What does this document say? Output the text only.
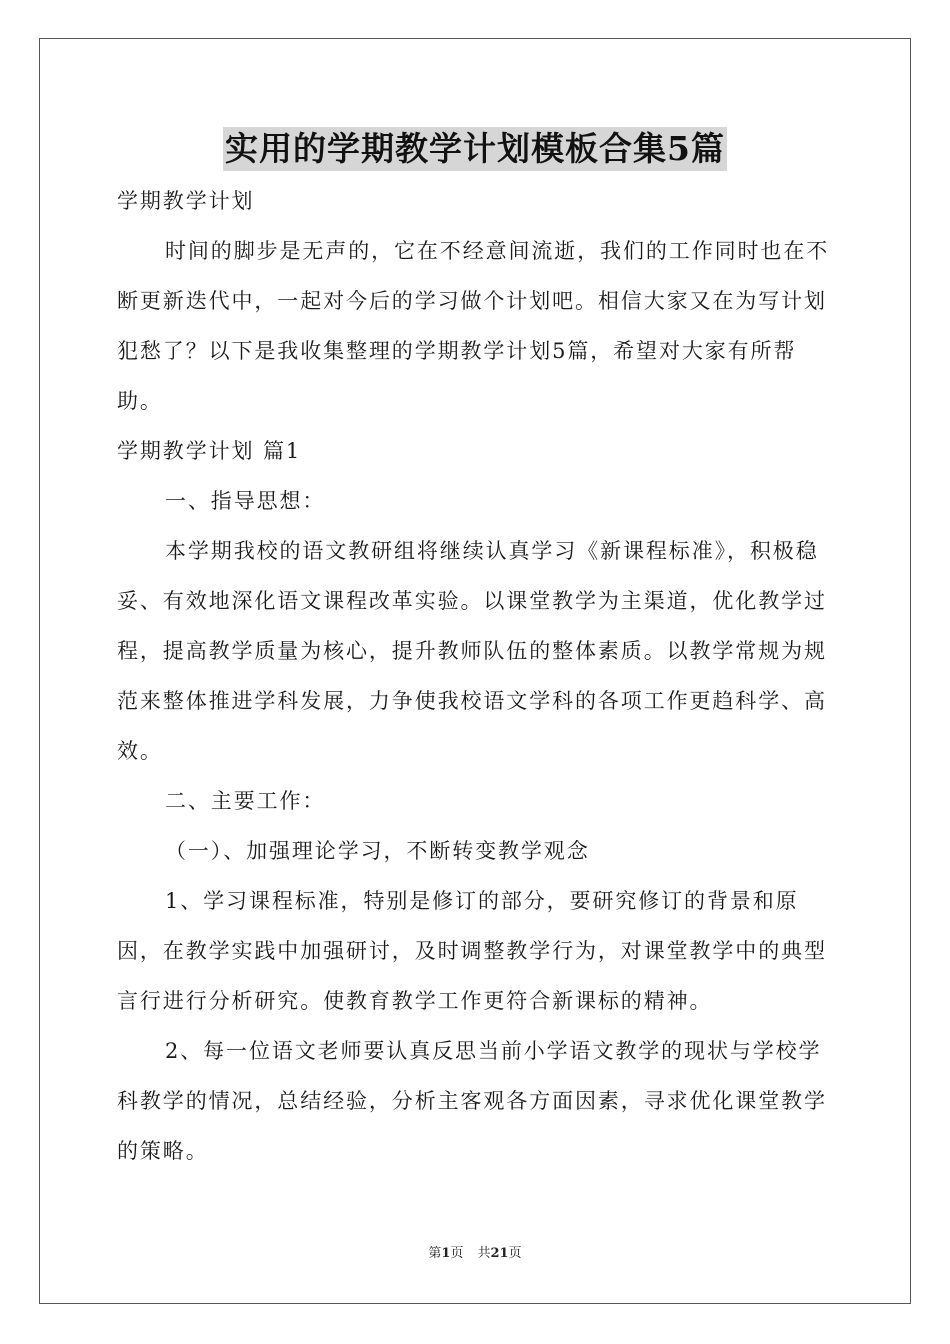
实用的学期教学计划模板合集5篇

学期教学计划

时间的脚步是无声的，它在不经意间流逝，我们的工作同时也在不断更新迭代中，一起对今后的学习做个计划吧。相信大家又在为写计划犯愁了？以下是我收集整理的学期教学计划5篇，希望对大家有所帮助。

学期教学计划 篇1

一、指导思想：

本学期我校的语文教研组将继续认真学习《新课程标准》，积极稳妥、有效地深化语文课程改革实验。以课堂教学为主渠道，优化教学过程，提高教学质量为核心，提升教师队伍的整体素质。以教学常规为规范来整体推进学科发展，力争使我校语文学科的各项工作更趋科学、高效。

二、主要工作：

（一）、加强理论学习，不断转变教学观念

1、学习课程标准，特别是修订的部分，要研究修订的背景和原因，在教学实践中加强研讨，及时调整教学行为，对课堂教学中的典型言行进行分析研究。使教育教学工作更符合新课标的精神。

2、每一位语文老师要认真反思当前小学语文教学的现状与学校学科教学的情况，总结经验，分析主客观各方面因素，寻求优化课堂教学的策略。

第1页 共21页
